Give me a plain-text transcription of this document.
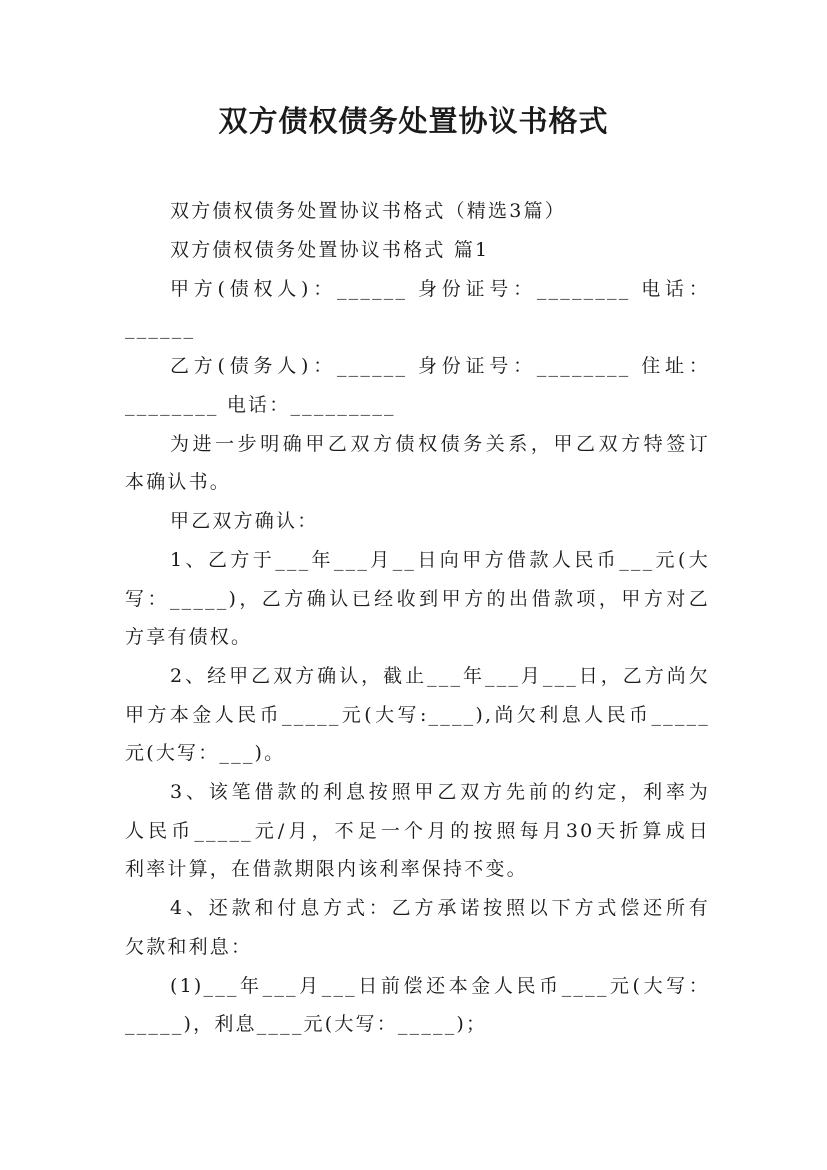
双方债权债务处置协议书格式
双方债权债务处置协议书格式（精选3篇）
双方债权债务处置协议书格式 篇1
甲方(债权人)：______ 身份证号：________ 电话：
______
乙方(债务人)：______ 身份证号：________ 住址：
________ 电话：_________
为进一步明确甲乙双方债权债务关系，甲乙双方特签订
本确认书。
甲乙双方确认：
1、乙方于___年___月__日向甲方借款人民币___元(大
写：_____)，乙方确认已经收到甲方的出借款项，甲方对乙
方享有债权。
2、经甲乙双方确认，截止___年___月___日，乙方尚欠
甲方本金人民币_____元(大写:____),尚欠利息人民币_____
元(大写：___)。
3、该笔借款的利息按照甲乙双方先前的约定，利率为
人民币_____元/月，不足一个月的按照每月30天折算成日
利率计算，在借款期限内该利率保持不变。
4、还款和付息方式：乙方承诺按照以下方式偿还所有
欠款和利息：
(1)___年___月___日前偿还本金人民币____元(大写：
_____)，利息____元(大写：_____)；
